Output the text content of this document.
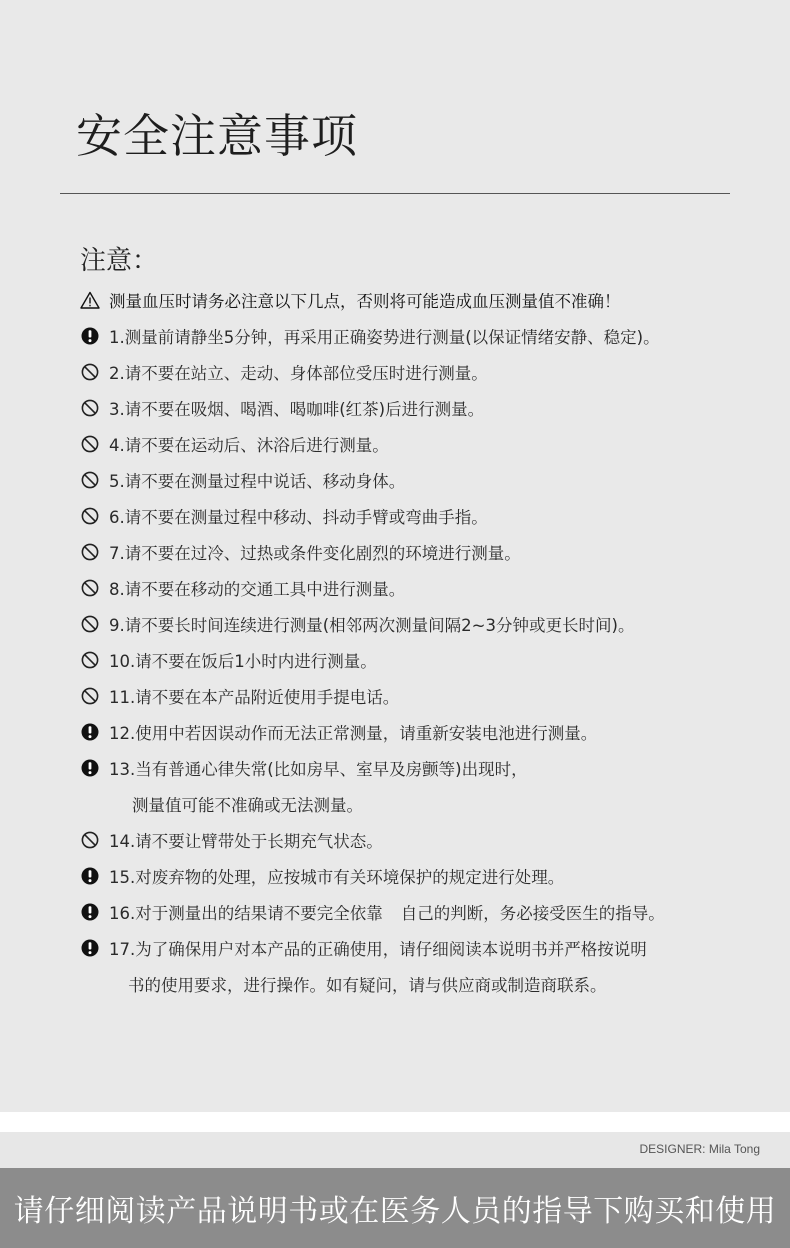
安全注意事项
注意：
测量血压时请务必注意以下几点，否则将可能造成血压测量值不准确！
1.测量前请静坐5分钟，再采用正确姿势进行测量(以保证情绪安静、稳定)。
2.请不要在站立、走动、身体部位受压时进行测量。
3.请不要在吸烟、喝酒、喝咖啡(红茶)后进行测量。
4.请不要在运动后、沐浴后进行测量。
5.请不要在测量过程中说话、移动身体。
6.请不要在测量过程中移动、抖动手臂或弯曲手指。
7.请不要在过冷、过热或条件变化剧烈的环境进行测量。
8.请不要在移动的交通工具中进行测量。
9.请不要长时间连续进行测量(相邻两次测量间隔2~3分钟或更长时间)。
10.请不要在饭后1小时内进行测量。
11.请不要在本产品附近使用手提电话。
12.使用中若因误动作而无法正常测量，请重新安装电池进行测量。
13.当有普通心律失常(比如房早、室早及房颤等)出现时，
测量值可能不准确或无法测量。
14.请不要让臂带处于长期充气状态。
15.对废弃物的处理，应按城市有关环境保护的规定进行处理。
16.对于测量出的结果请不要完全依靠 自己的判断，务必接受医生的指导。
17.为了确保用户对本产品的正确使用，请仔细阅读本说明书并严格按说明
书的使用要求，进行操作。如有疑问，请与供应商或制造商联系。
DESIGNER: Mila Tong
请仔细阅读产品说明书或在医务人员的指导下购买和使用
